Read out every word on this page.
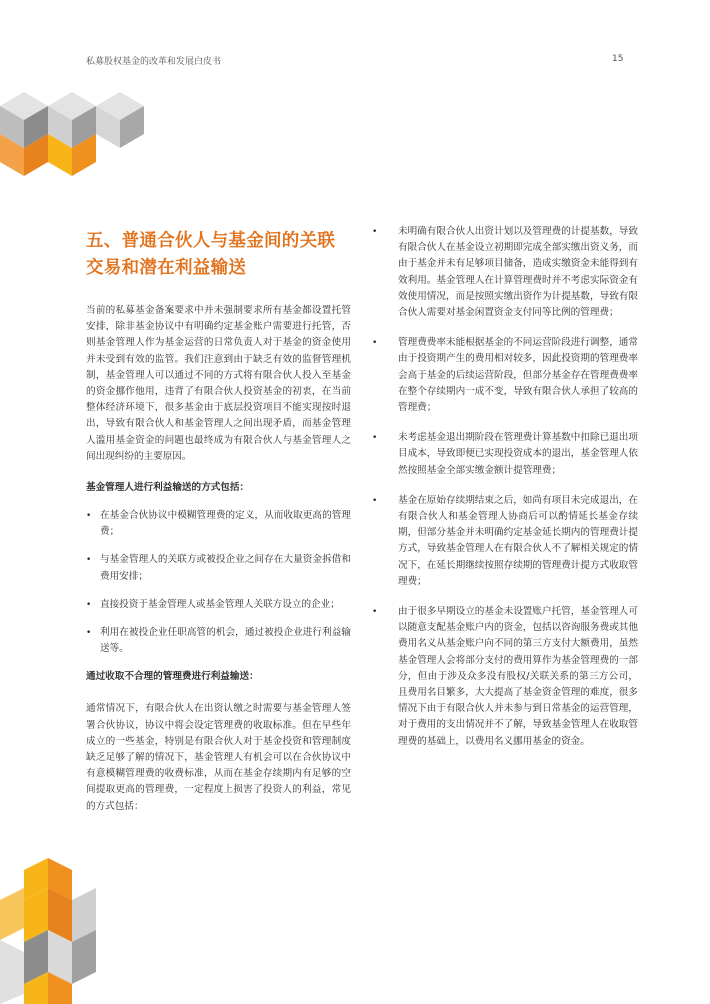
私募股权基金的改革和发展白皮书	15
五、普通合伙人与基金间的关联
交易和潜在利益输送

当前的私募基金备案要求中并未强制要求所有基金都设置托管安排，除非基金协议中有明确约定基金账户需要进行托管，否则基金管理人作为基金运营的日常负责人对于基金的资金使用并未受到有效的监管。我们注意到由于缺乏有效的监督管理机制，基金管理人可以通过不同的方式将有限合伙人投入至基金的资金挪作他用，违背了有限合伙人投资基金的初衷，在当前整体经济环境下，很多基金由于底层投资项目不能实现按时退出，导致有限合伙人和基金管理人之间出现矛盾，而基金管理人滥用基金资金的问题也最终成为有限合伙人与基金管理人之间出现纠纷的主要原因。

基金管理人进行利益输送的方式包括：

• 在基金合伙协议中模糊管理费的定义，从而收取更高的管理费；
• 与基金管理人的关联方或被投企业之间存在大量资金拆借和费用安排；
• 直接投资于基金管理人或基金管理人关联方设立的企业；
• 利用在被投企业任职高管的机会，通过被投企业进行利益输送等。

通过收取不合理的管理费进行利益输送：

通常情况下，有限合伙人在出资认缴之时需要与基金管理人签署合伙协议，协议中将会设定管理费的收取标准。但在早些年成立的一些基金，特别是有限合伙人对于基金投资和管理制度缺乏足够了解的情况下，基金管理人有机会可以在合伙协议中有意模糊管理费的收费标准，从而在基金存续期内有足够的空间提取更高的管理费，一定程度上损害了投资人的利益，常见的方式包括：

• 未明确有限合伙人出资计划以及管理费的计提基数，导致有限合伙人在基金设立初期即完成全部实缴出资义务，而由于基金并未有足够项目储备，造成实缴资金未能得到有效利用。基金管理人在计算管理费时并不考虑实际资金有效使用情况，而是按照实缴出资作为计提基数，导致有限合伙人需要对基金闲置资金支付同等比例的管理费；
• 管理费费率未能根据基金的不同运营阶段进行调整，通常由于投资期产生的费用相对较多，因此投资期的管理费率会高于基金的后续运营阶段，但部分基金存在管理费费率在整个存续期内一成不变，导致有限合伙人承担了较高的管理费；
• 未考虑基金退出期阶段在管理费计算基数中扣除已退出项目成本，导致即便已实现投资成本的退出，基金管理人依然按照基金全部实缴金额计提管理费；
• 基金在原始存续期结束之后，如尚有项目未完成退出，在有限合伙人和基金管理人协商后可以酌情延长基金存续期，但部分基金并未明确约定基金延长期内的管理费计提方式，导致基金管理人在有限合伙人不了解相关规定的情况下，在延长期继续按照存续期的管理费计提方式收取管理费；
• 由于很多早期设立的基金未设置账户托管，基金管理人可以随意支配基金账户内的资金，包括以咨询服务费或其他费用名义从基金账户向不同的第三方支付大额费用，虽然基金管理人会将部分支付的费用算作为基金管理费的一部分，但由于涉及众多没有股权/关联关系的第三方公司，且费用名目繁多，大大提高了基金资金管理的难度，很多情况下由于有限合伙人并未参与到日常基金的运营管理，对于费用的支出情况并不了解，导致基金管理人在收取管理费的基础上，以费用名义挪用基金的资金。
